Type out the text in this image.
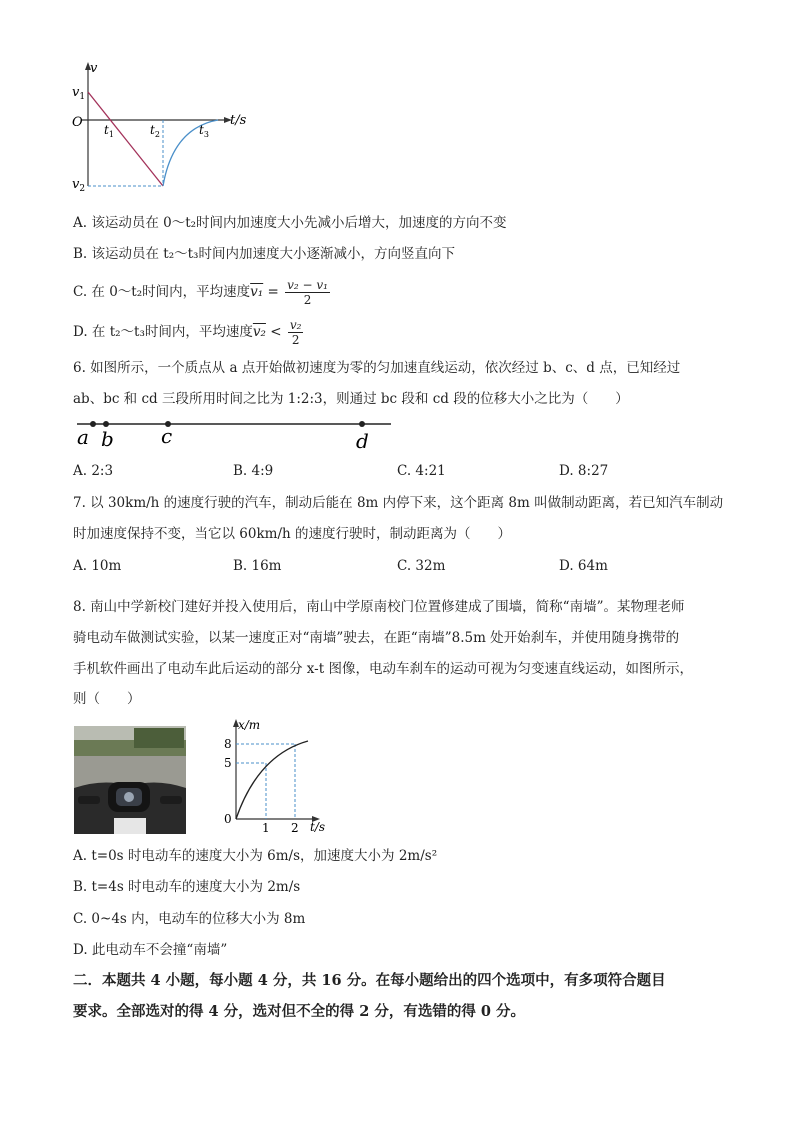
v
t/s
O
$v_1$
$v_2$
$t_1$	$t_2$	$t_3$
A. 该运动员在 0～t₂时间内加速度大小先减小后增大，加速度的方向不变
B. 该运动员在 t₂～t₃时间内加速度大小逐渐减小，方向竖直向下
C. 在 0～t₂时间内，平均速度$v_1 = \frac{\text{v₂ − v₁}}{2}$
D. 在 t₂～t₃时间内，平均速度$v_2 < \frac{\text{v₂}}{2}$
6. 如图所示，一个质点从 a 点开始做初速度为零的匀加速直线运动，依次经过 b、c、d 点，已知经过
ab、bc 和 cd 三段所用时间之比为 1:2:3，则通过 bc 段和 cd 段的位移大小之比为（　　）
a b c	d
A. 2:3	B. 4:9	C. 4:21	D. 8:27
7. 以 30km/h 的速度行驶的汽车，制动后能在 8m 内停下来，这个距离 8m 叫做制动距离，若已知汽车制动
时加速度保持不变，当它以 60km/h 的速度行驶时，制动距离为（　　）
A. 10m	B. 16m	C. 32m	D. 64m
8. 南山中学新校门建好并投入使用后，南山中学原南校门位置修建成了围墙，简称“南墙”。某物理老师
骑电动车做测试实验，以某一速度正对“南墙”驶去，在距“南墙”8.5m 处开始刹车，并使用随身携带的
手机软件画出了电动车此后运动的部分 x-t 图像，电动车刹车的运动可视为匀变速直线运动，如图所示，
则（　　）
x/m
t/s
8
5
0
1 2
A. t=0s 时电动车的速度大小为 6m/s，加速度大小为 2m/s²
B. t=4s 时电动车的速度大小为 2m/s
C. 0~4s 内，电动车的位移大小为 8m
D. 此电动车不会撞“南墙”
二．本题共 4 小题，每小题 4 分，共 16 分。在每小题给出的四个选项中，有多项符合题目
要求。全部选对的得 4 分，选对但不全的得 2 分，有选错的得 0 分。
